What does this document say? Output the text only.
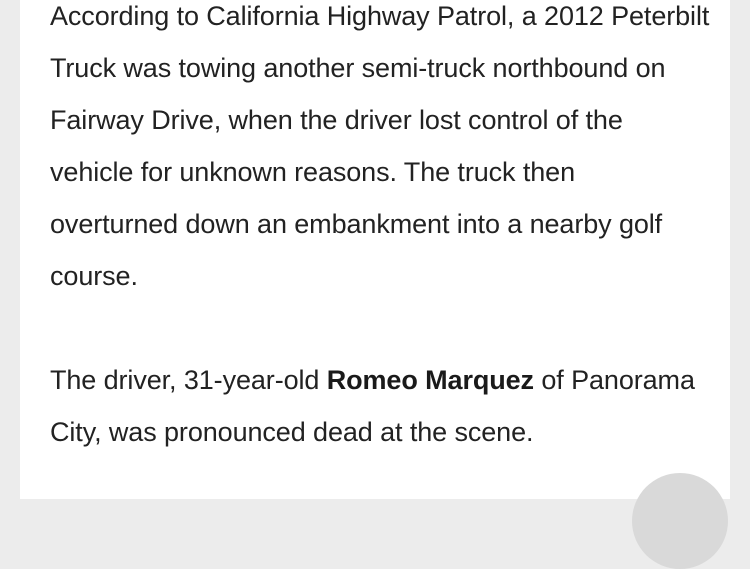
According to California Highway Patrol, a 2012 Peterbilt Truck was towing another semi-truck northbound on Fairway Drive, when the driver lost control of the vehicle for unknown reasons. The truck then overturned down an embankment into a nearby golf course.

The driver, 31-year-old Romeo Marquez of Panorama City, was pronounced dead at the scene.
